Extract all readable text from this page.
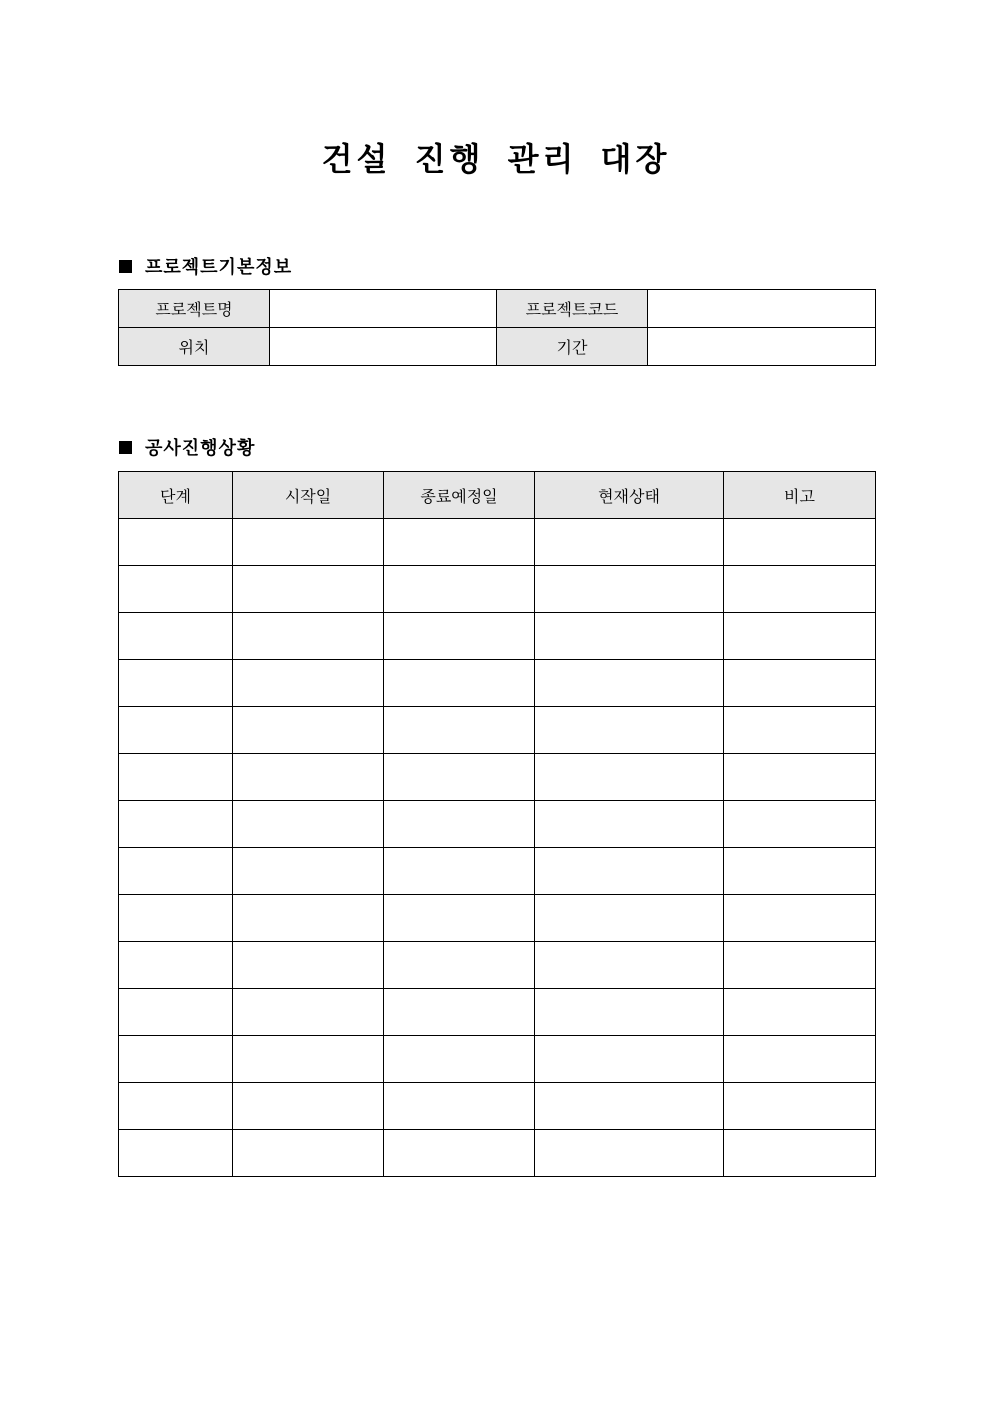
건설 진행 관리 대장
프로젝트기본정보
프로젝트명		프로젝트코드	
위치		기간	
공사진행상황
단계	시작일	종료예정일	현재상태	비고
